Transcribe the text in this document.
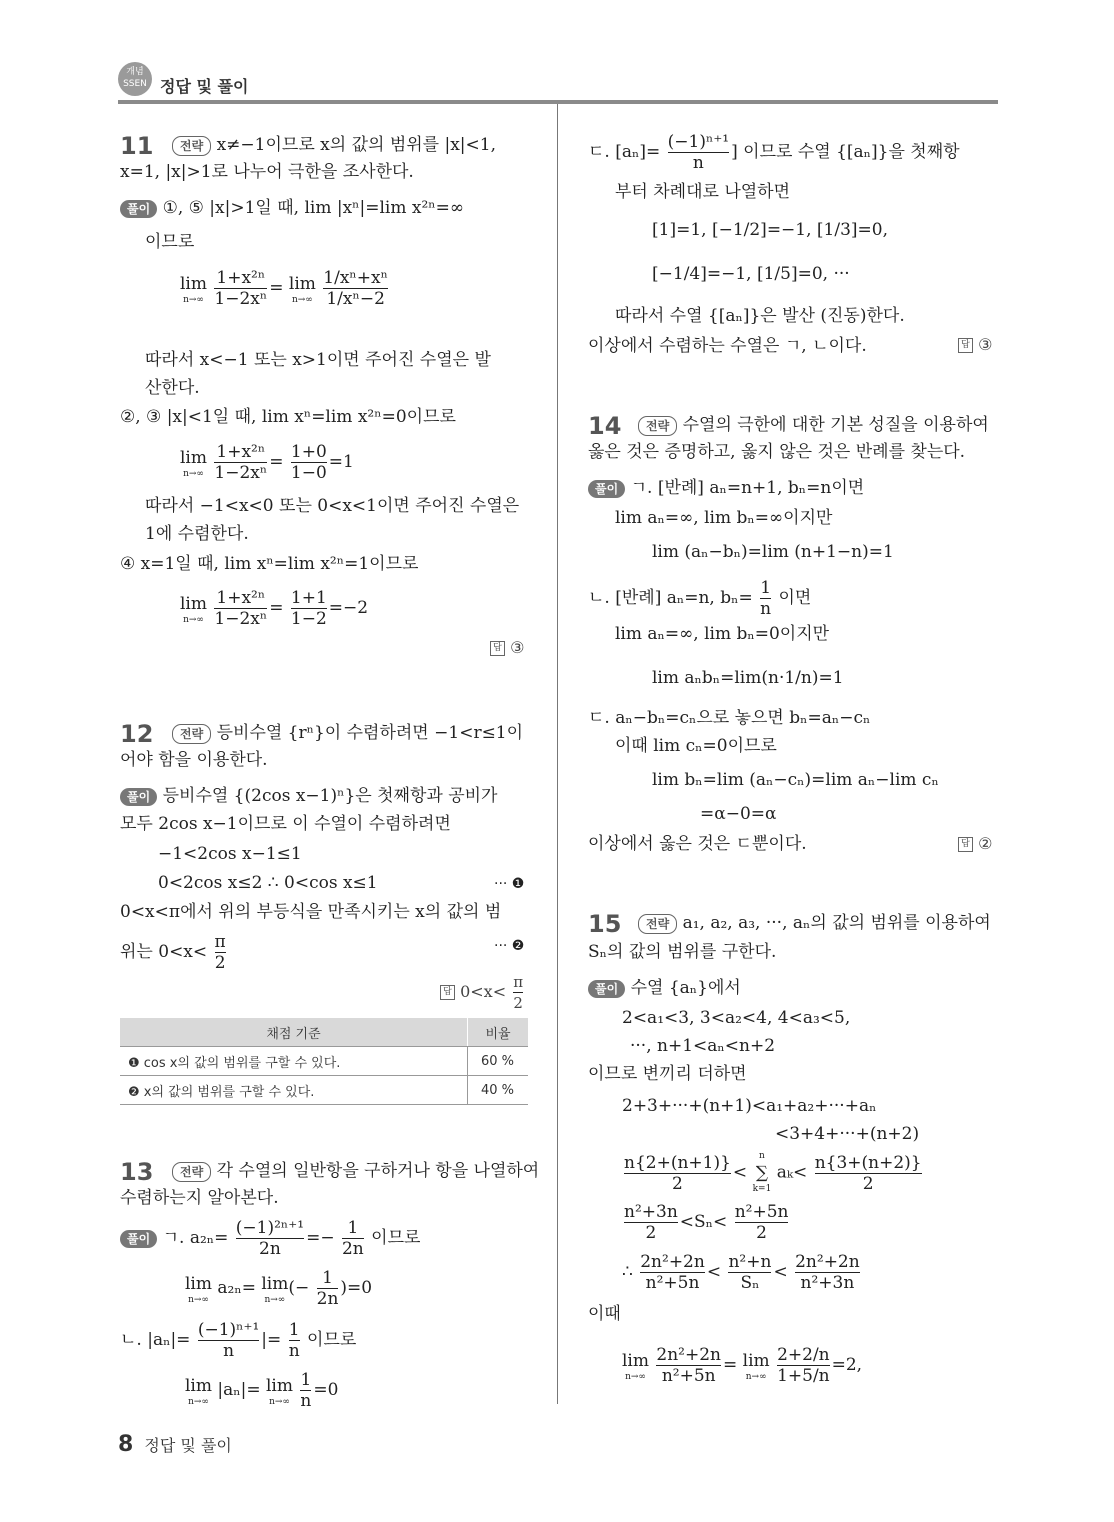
개념
SSEN 정답 및 풀이
11	전략 x≠−1이므로 x의 값의 범위를 |x|<1,
x=1, |x|>1로 나누어 극한을 조사한다.
풀이 ①, ⑤ |x|>1일 때, lim |xⁿ|=lim x²ⁿ=∞
이므로
lim
n→∞
$\frac{\text{1+x²ⁿ}}{\text{1−2xⁿ}} = \lim$
n→∞
$\frac{\text{1/xⁿ+xⁿ}}{\text{1/xⁿ−2}}$
따라서 x<−1 또는 x>1이면 주어진 수열은 발
산한다.
②, ③ |x|<1일 때, lim xⁿ=lim x²ⁿ=0이므로
lim
n→∞
$\frac{\text{1+x²ⁿ}}{\text{1−2xⁿ}} = \frac{1+0}{1-0} =1$
따라서 −1<x<0 또는 0<x<1이면 주어진 수열은
1에 수렴한다.
④ x=1일 때, lim xⁿ=lim x²ⁿ=1이므로
lim
n→∞
$\frac{\text{1+x²ⁿ}}{\text{1−2xⁿ}} = \frac{1+1}{1-2} =-2$
답 ③
12	전략 등비수열 {rⁿ}이 수렴하려면 −1<r≤1이
어야 함을 이용한다.
풀이 등비수열 {(2cos x−1)ⁿ}은 첫째항과 공비가
모두 2cos x−1이므로 이 수열이 수렴하려면
−1<2cos x−1≤1
0<2cos x≤2 ∴ 0<cos x≤1	··· ❶
0<x<π에서 위의 부등식을 만족시키는 x의 값의 범
위는 $0<x< \frac{\pi}{2}$	··· ❷
답 $0<x< \frac{\pi}{2}$
채점 기준	비율
❶ cos x의 값의 범위를 구할 수 있다.	60 %
❷ x의 값의 범위를 구할 수 있다.	40 %
13	전략 각 수열의 일반항을 구하거나 항을 나열하여
수렴하는지 알아본다.
풀이 ㄱ. $a_{2n}= \frac{\text{(−1)²ⁿ⁺¹}}{2n} =- \frac{1}{2n}$ 이므로
lim
n→∞
a₂ₙ= lim
n→∞
(− $\frac{1}{2n} )=0$
ㄴ. $|a_n|= \frac{\text{(−1)ⁿ⁺¹}}{n}$ |= $\frac{1}{n}$ 이므로
lim
n→∞
|aₙ|= lim
n→∞
$\frac{1}{n} =0$
ㄷ. $[a_n]= \frac{\text{(−1)ⁿ⁺¹}}{n}$ ] 이므로 수열 {[aₙ]}을 첫째항
부터 차례대로 나열하면
[1]=1, [−1/2]=−1, [1/3]=0,
[−1/4]=−1, [1/5]=0, ···
따라서 수열 {[aₙ]}은 발산 (진동)한다.
이상에서 수렴하는 수열은 ㄱ, ㄴ이다.	답 ③
14	전략 수열의 극한에 대한 기본 성질을 이용하여
옳은 것은 증명하고, 옳지 않은 것은 반례를 찾는다.
풀이 ㄱ. [반례] aₙ=n+1, bₙ=n이면
lim aₙ=∞, lim bₙ=∞이지만
lim (aₙ−bₙ)=lim (n+1−n)=1
ㄴ. [반례] aₙ=n, $b_n= \frac{1}{n}$ 이면
lim aₙ=∞, lim bₙ=0이지만
lim aₙbₙ=lim(n·1/n)=1
ㄷ. aₙ−bₙ=cₙ으로 놓으면 bₙ=aₙ−cₙ
이때 lim cₙ=0이므로
lim bₙ=lim (aₙ−cₙ)=lim aₙ−lim cₙ
=α−0=α
이상에서 옳은 것은 ㄷ뿐이다.	답 ②
15	전략 a₁, a₂, a₃, ···, aₙ의 값의 범위를 이용하여
Sₙ의 값의 범위를 구한다.
풀이 수열 {aₙ}에서
2<a₁<3, 3<a₂<4, 4<a₃<5,
···, n+1<aₙ<n+2
이므로 변끼리 더하면
2+3+···+(n+1)<a₁+a₂+···+aₙ
<3+4+···+(n+2)
$\frac{n\{2+(n+1)\}}{2}$ <
n
∑
k=1
$a_k< \frac{n\{3+(n+2)\}}{2}$
$\frac{\text{n²+3n}}{2} <S_n< \frac{\text{n²+5n}}{2}$
∴ $\frac{\text{2n²+2n}}{\text{n²+5n}} < \frac{\text{n²+n}}{\text{Sₙ}} < \frac{\text{2n²+2n}}{\text{n²+3n}}$
이때
lim
n→∞
$\frac{\text{2n²+2n}}{\text{n²+5n}} = \lim$
n→∞
$\frac{2+2/n}{1+5/n} =2$,
8 정답 및 풀이
